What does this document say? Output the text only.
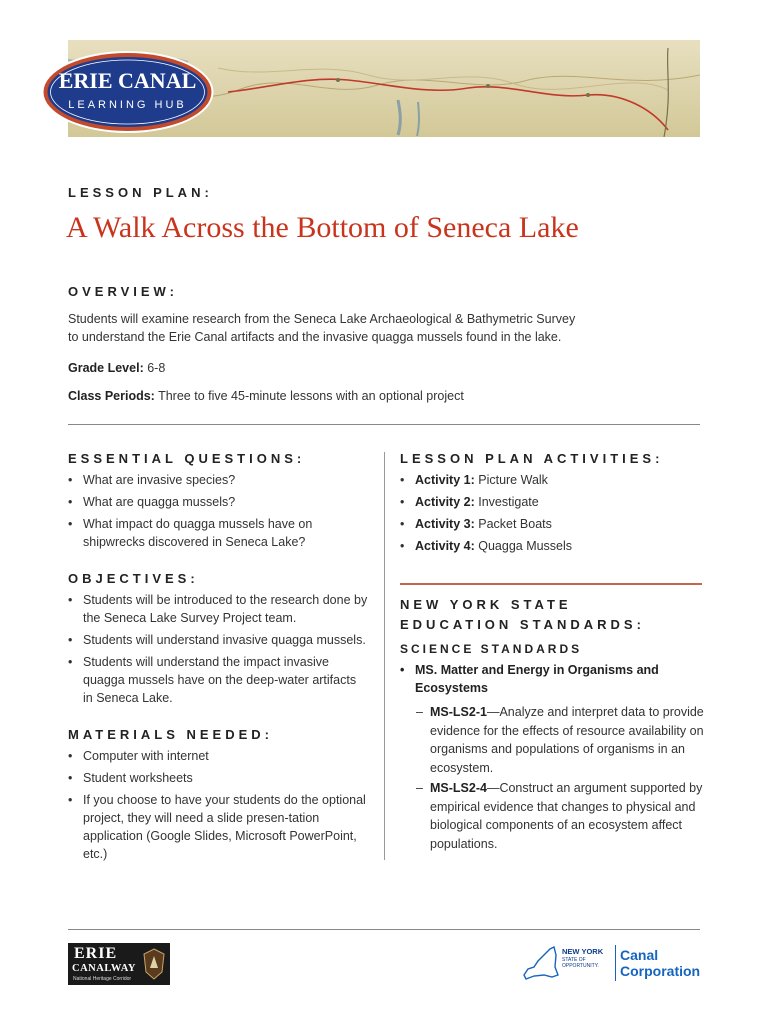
ERIE CANAL
LEARNING HUB
LESSON PLAN:
A Walk Across the Bottom of Seneca Lake
OVERVIEW:
Students will examine research from the Seneca Lake Archaeological & Bathymetric Survey
to understand the Erie Canal artifacts and the invasive quagga mussels found in the lake.
Grade Level: 6-8
Class Periods: Three to five 45-minute lessons with an optional project
ESSENTIAL QUESTIONS:
• What are invasive species?
• What are quagga mussels?
• What impact do quagga mussels have on shipwrecks discovered in Seneca Lake?
LESSON PLAN ACTIVITIES:
• Activity 1: Picture Walk
• Activity 2: Investigate
• Activity 3: Packet Boats
• Activity 4: Quagga Mussels
OBJECTIVES:
• Students will be introduced to the research done by the Seneca Lake Survey Project team.
• Students will understand invasive quagga mussels.
• Students will understand the impact invasive quagga mussels have on the deep-water artifacts in Seneca Lake.
MATERIALS NEEDED:
• Computer with internet
• Student worksheets
• If you choose to have your students do the optional project, they will need a slide presen-tation application (Google Slides, Microsoft PowerPoint, etc.)
NEW YORK STATE
EDUCATION STANDARDS:
SCIENCE STANDARDS
• MS. Matter and Energy in Organisms and Ecosystems
– MS-LS2-1—Analyze and interpret data to provide evidence for the effects of resource availability on organisms and populations of organisms in an ecosystem.
– MS-LS2-4—Construct an argument supported by empirical evidence that changes to physical and biological components of an ecosystem affect populations.
ERIE
CANALWAY
National Heritage Corridor
NEW YORK
STATE OF
OPPORTUNITY.
Canal
Corporation
